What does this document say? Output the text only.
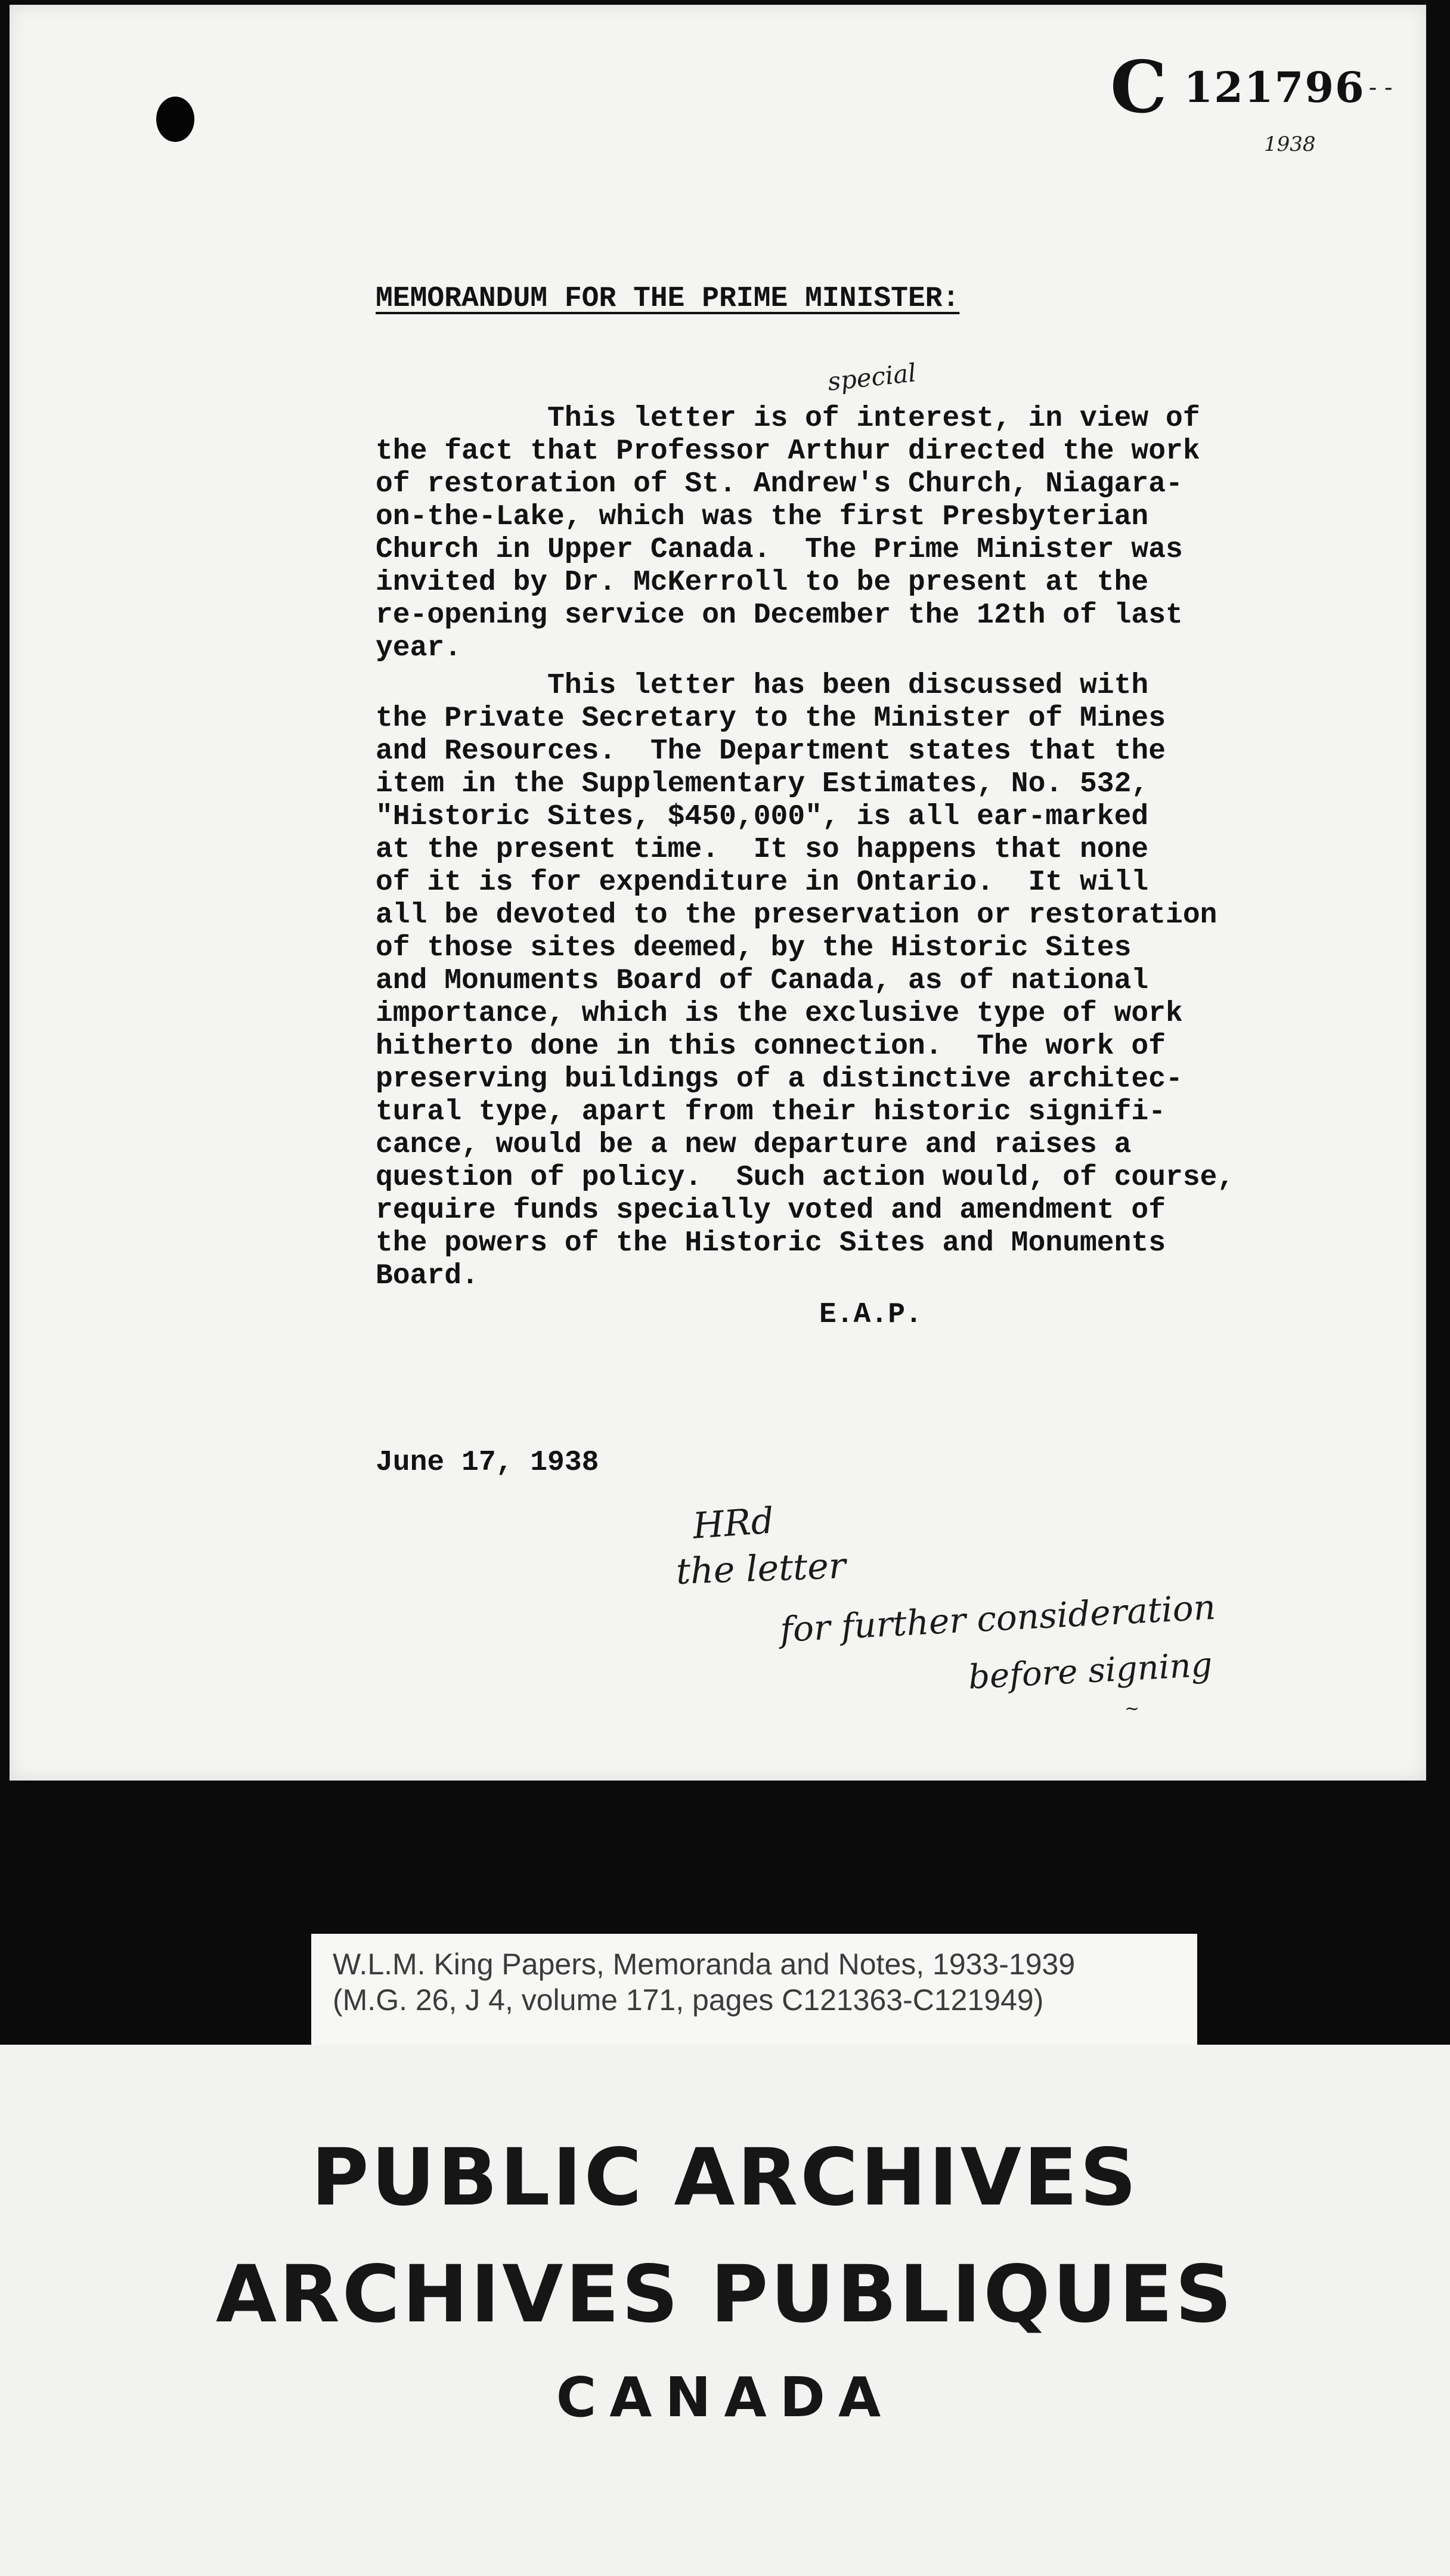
C 121796 - -
1938
MEMORANDUM FOR THE PRIME MINISTER:
special
This letter is of interest, in view of
the fact that Professor Arthur directed the work
of restoration of St. Andrew's Church, Niagara-
on-the-Lake, which was the first Presbyterian
Church in Upper Canada.  The Prime Minister was
invited by Dr. McKerroll to be present at the
re-opening service on December the 12th of last
year.
This letter has been discussed with
the Private Secretary to the Minister of Mines
and Resources.  The Department states that the
item in the Supplementary Estimates, No. 532,
"Historic Sites, $450,000", is all ear-marked
at the present time.  It so happens that none
of it is for expenditure in Ontario.  It will
all be devoted to the preservation or restoration
of those sites deemed, by the Historic Sites
and Monuments Board of Canada, as of national
importance, which is the exclusive type of work
hitherto done in this connection.  The work of
preserving buildings of a distinctive architec-
tural type, apart from their historic signifi-
cance, would be a new departure and raises a
question of policy.  Such action would, of course,
require funds specially voted and amendment of
the powers of the Historic Sites and Monuments
Board.
E.A.P.
June 17, 1938
HRd
the letter
for further consideration
before signing
~
W.L.M. King Papers, Memoranda and Notes, 1933-1939
(M.G. 26, J 4, volume 171, pages C121363-C121949)
PUBLIC ARCHIVES
ARCHIVES PUBLIQUES
CANADA
